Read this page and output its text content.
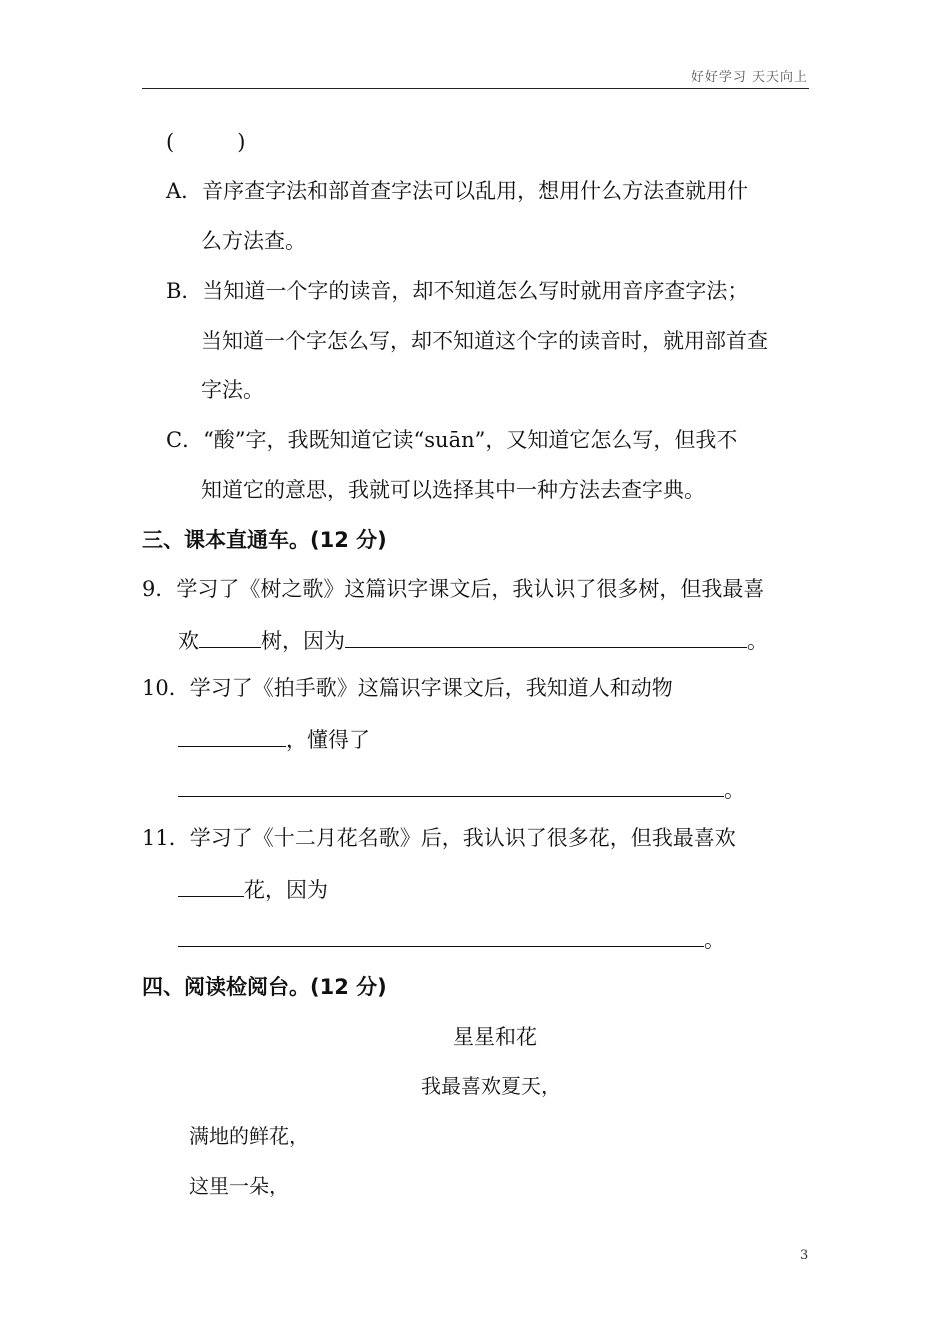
好好学习 天天向上
(　　　)
A．音序查字法和部首查字法可以乱用，想用什么方法查就用什
么方法查。
B．当知道一个字的读音，却不知道怎么写时就用音序查字法；
当知道一个字怎么写，却不知道这个字的读音时，就用部首查
字法。
C．“酸”字，我既知道它读“suān”，又知道它怎么写，但我不
知道它的意思，我就可以选择其中一种方法去查字典。
三、课本直通车。(12 分)
9．学习了《树之歌》这篇识字课文后，我认识了很多树，但我最喜
欢	树，因为	。
10．学习了《拍手歌》这篇识字课文后，我知道人和动物
，懂得了
。
11．学习了《十二月花名歌》后，我认识了很多花，但我最喜欢
花，因为
。
四、阅读检阅台。(12 分)
星星和花
我最喜欢夏天，
满地的鲜花，
这里一朵，
3
